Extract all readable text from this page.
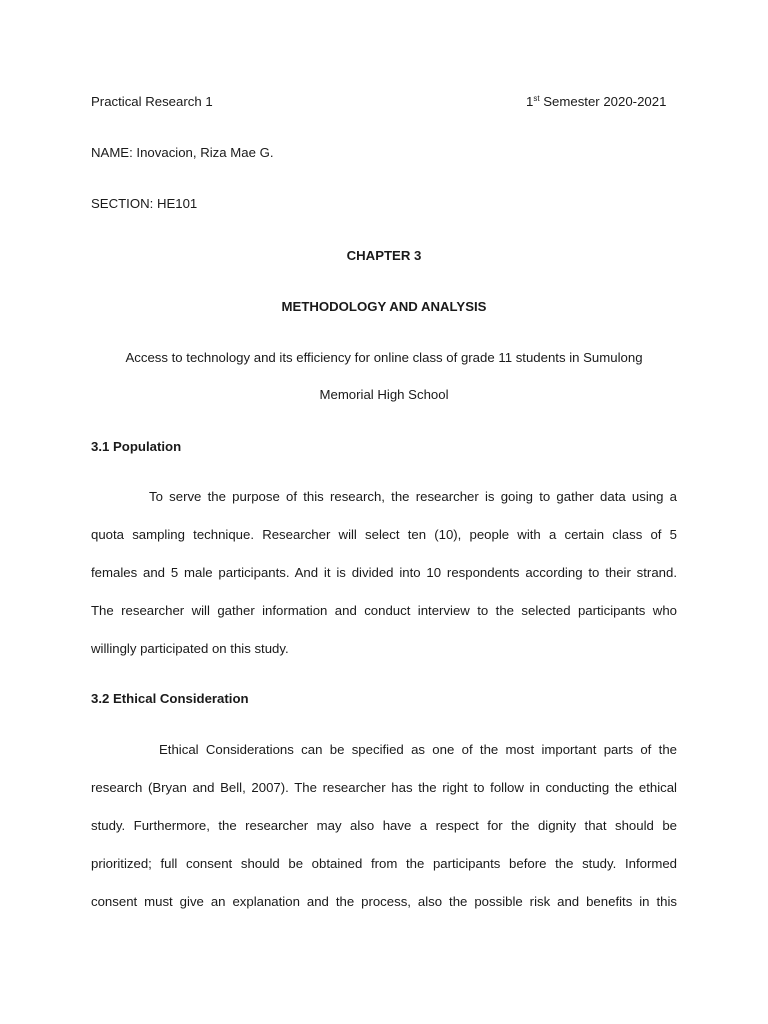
Practical Research 1	1st Semester 2020-2021
NAME: Inovacion, Riza Mae G.
SECTION: HE101
CHAPTER 3
METHODOLOGY AND ANALYSIS
Access to technology and its efficiency for online class of grade 11 students in Sumulong
Memorial High School
3.1 Population
To serve the purpose of this research, the researcher is going to gather data using a
quota sampling technique. Researcher will select ten (10), people with a certain class of 5
females and 5 male participants. And it is divided into 10 respondents according to their strand.
The researcher will gather information and conduct interview to the selected participants who
willingly participated on this study.
3.2 Ethical Consideration
Ethical Considerations can be specified as one of the most important parts of the
research (Bryan and Bell, 2007). The researcher has the right to follow in conducting the ethical
study. Furthermore, the researcher may also have a respect for the dignity that should be
prioritized; full consent should be obtained from the participants before the study. Informed
consent must give an explanation and the process, also the possible risk and benefits in this
